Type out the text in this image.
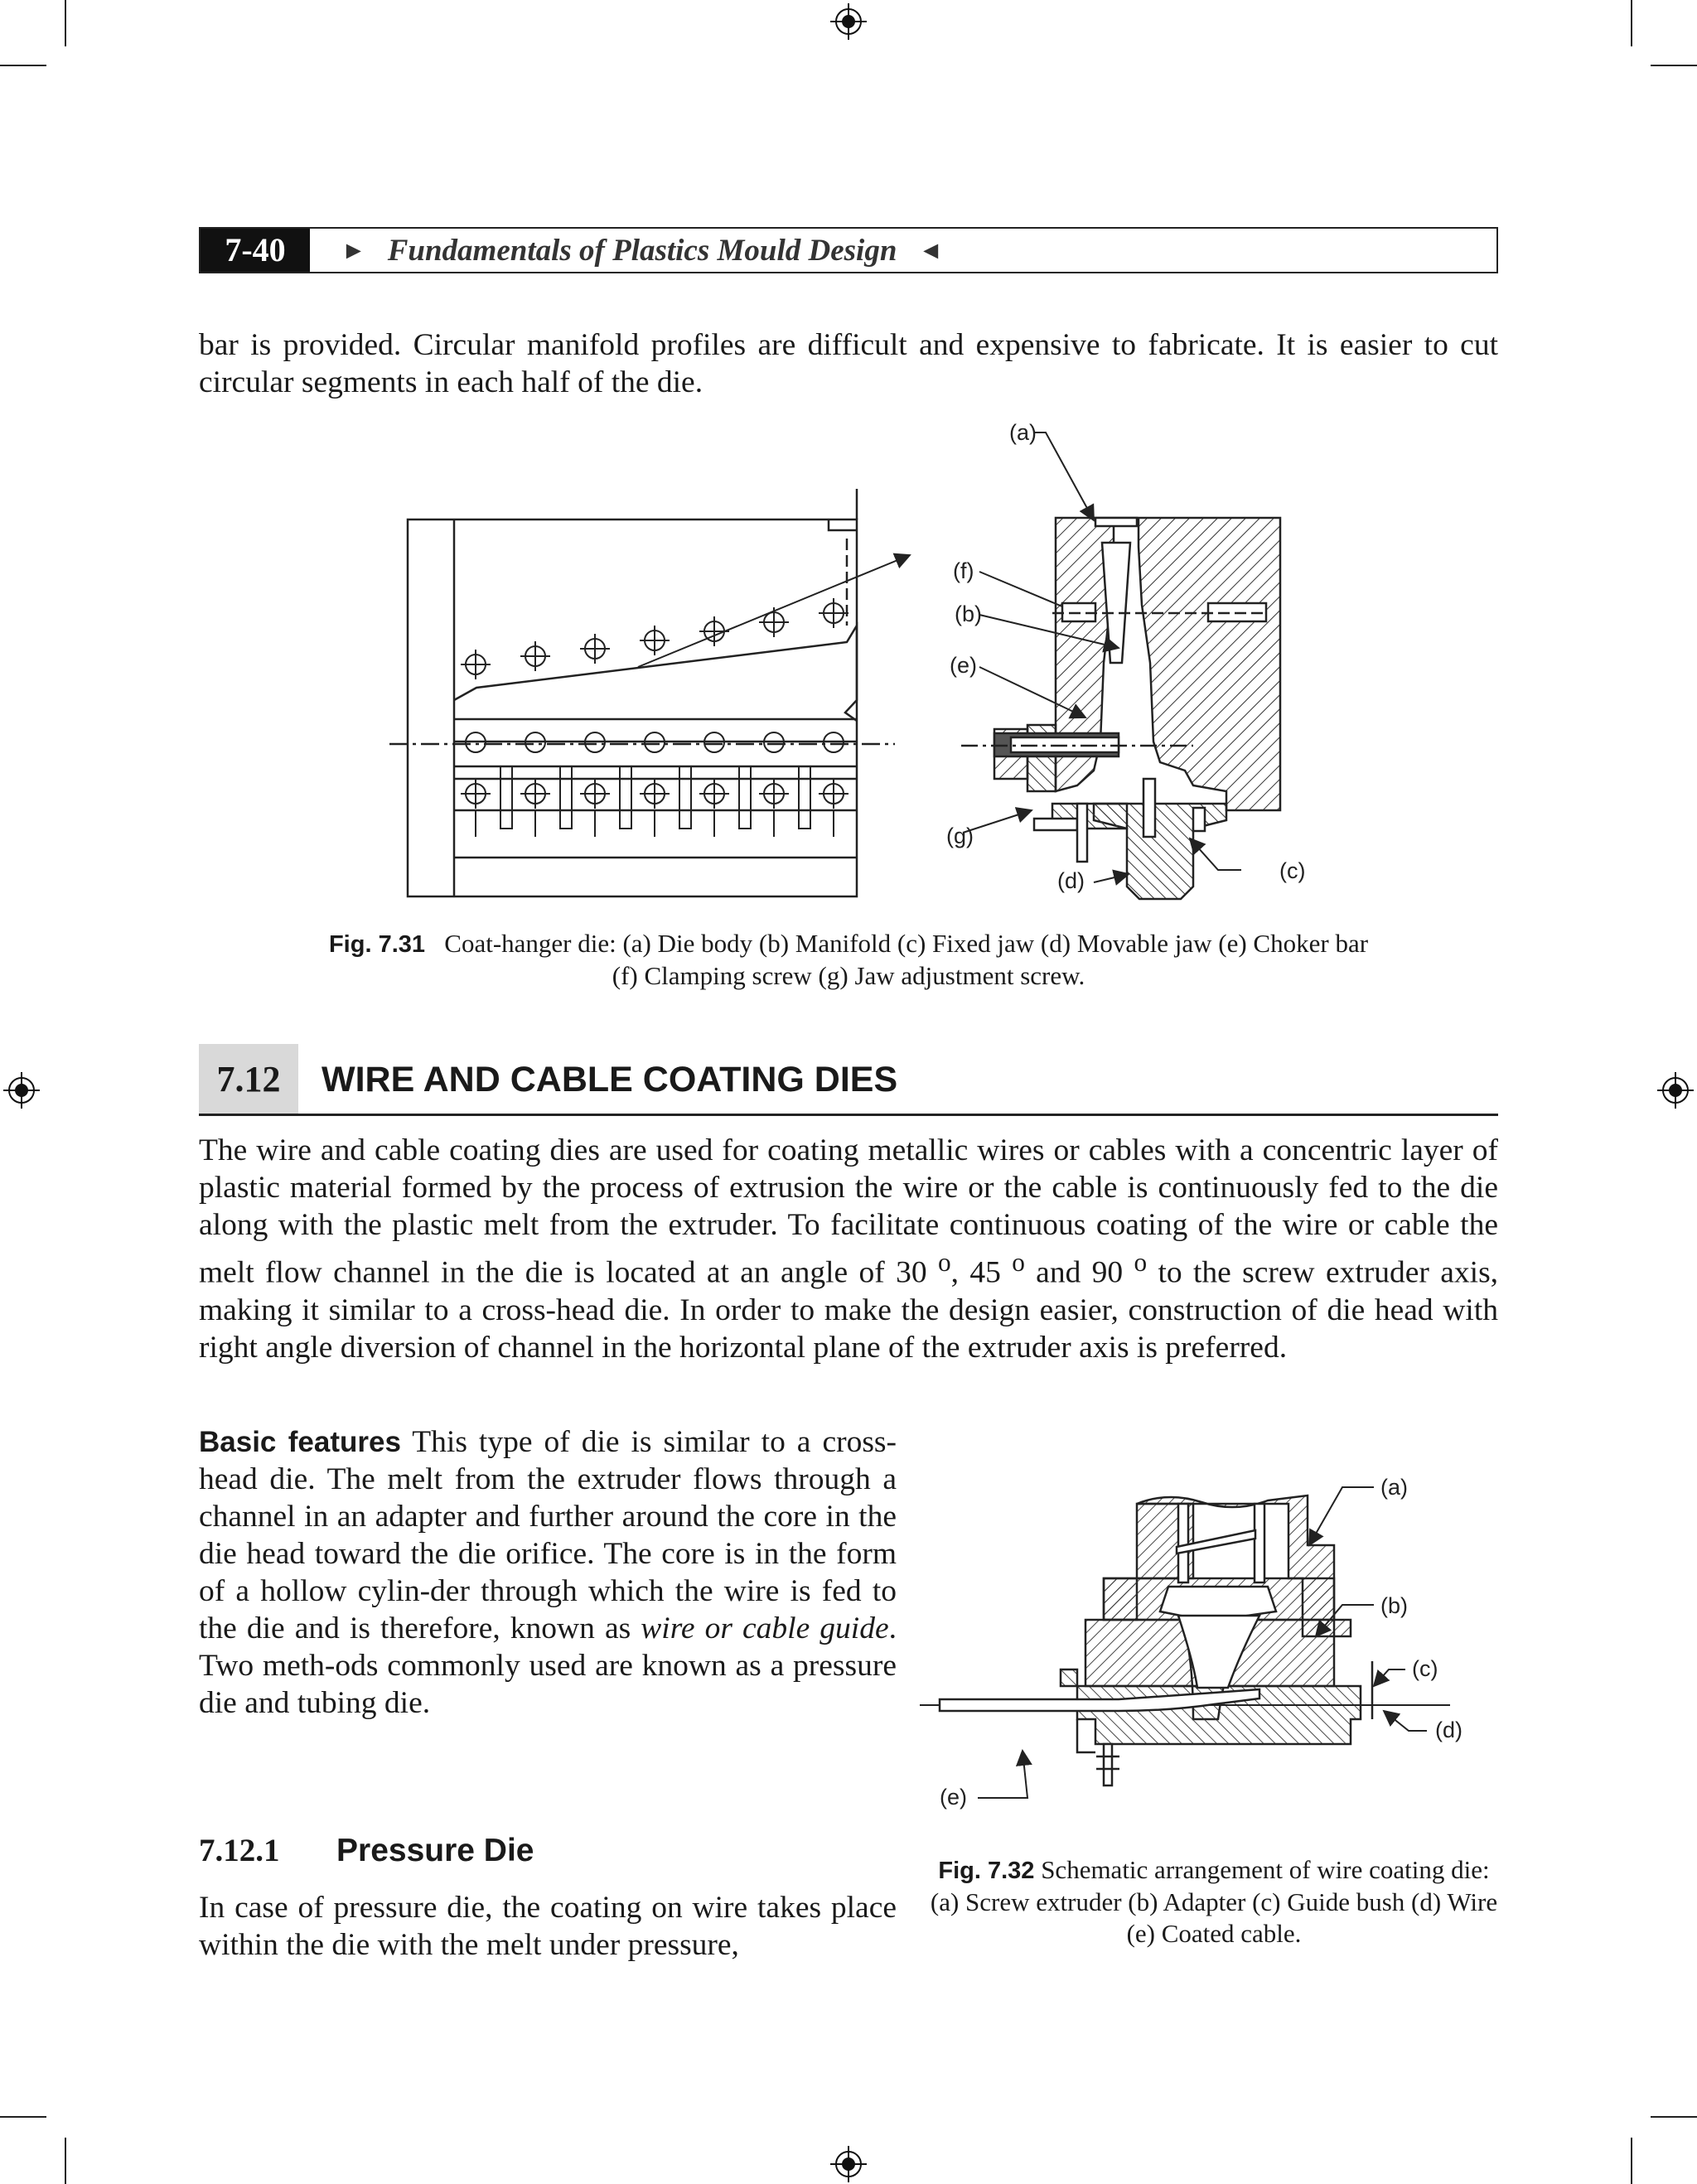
7-40	► Fundamentals of Plastics Mould Design ◄
bar is provided. Circular manifold profiles are difficult and expensive to fabricate. It is easier to cut circular segments in each half of the die.
(a)
(f)
(b)
(e)
(g)
(d)	(c)
Fig. 7.31 Coat-hanger die: (a) Die body (b) Manifold (c) Fixed jaw (d) Movable jaw (e) Choker bar
(f) Clamping screw (g) Jaw adjustment screw.
7.12	WIRE AND CABLE COATING DIES
The wire and cable coating dies are used for coating metallic wires or cables with a concentric layer of plastic material formed by the process of extrusion the wire or the cable is continuously fed to the die along with the plastic melt from the extruder. To facilitate continuous coating of the wire or cable the melt flow channel in the die is located at an angle of 30 $^o$, 45 $^o$ and 90 $^o$ to the screw extruder axis, making it similar to a cross-head die. In order to make the design easier, construction of die head with right angle diversion of channel in the horizontal plane of the extruder axis is preferred.
Basic features This type of die is similar to a cross-head die. The melt from the extruder flows through a channel in an adapter and further around the core in the die head toward the die orifice. The core is in the form of a hollow cylin-der through which the wire is fed to the die and is therefore, known as wire or cable guide. Two meth-ods commonly used are known as a pressure die and tubing die.
(a)
(b)
(c)
(d)
(e)
Fig. 7.32 Schematic arrangement of wire coating die: (a) Screw extruder (b) Adapter (c) Guide bush (d) Wire (e) Coated cable.
7.12.1 Pressure Die
In case of pressure die, the coating on wire takes place within the die with the melt under pressure,
